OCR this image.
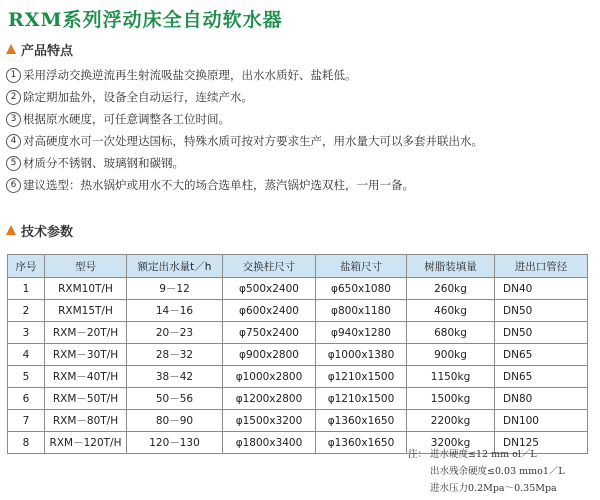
RXM系列浮动床全自动软水器
产品特点
1 采用浮动交换逆流再生射流吸盐交换原理，出水水质好、盐耗低。
2 除定期加盐外，设备全自动运行，连续产水。
3 根据原水硬度，可任意调整各工位时间。
4 对高硬度水可一次处理达国标，特殊水质可按对方要求生产，用水量大可以多套并联出水。
5 材质分不锈钢、玻璃钢和碳钢。
6 建议选型：热水锅炉或用水不大的场合选单柱，蒸汽锅炉选双柱，一用一备。
技术参数
序号	型号	额定出水量t／h	交换柱尺寸	盐箱尺寸	树脂装填量	进出口管径
1	RXM10T/H	9－12	φ500x2400	φ650x1080	260kg	DN40
2	RXM15T/H	14－16	φ600x2400	φ800x1180	460kg	DN50
3	RXM－20T/H	20－23	φ750x2400	φ940x1280	680kg	DN50
4	RXM－30T/H	28－32	φ900x2800	φ1000x1380	900kg	DN65
5	RXM－40T/H	38－42	φ1000x2800	φ1210x1500	1150kg	DN65
6	RXM－50T/H	50－56	φ1200x2800	φ1210x1500	1500kg	DN80
7	RXM－80T/H	80－90	φ1500x3200	φ1360x1650	2200kg	DN100
8	RXM－120T/H	120－130	φ1800x3400	φ1360x1650	3200kg	DN125
注： 进水硬度≤12 mm ol／L
出水残余硬度≤0.03 mmo1／L
进水压力0.2Mpa～0.35Mpa
